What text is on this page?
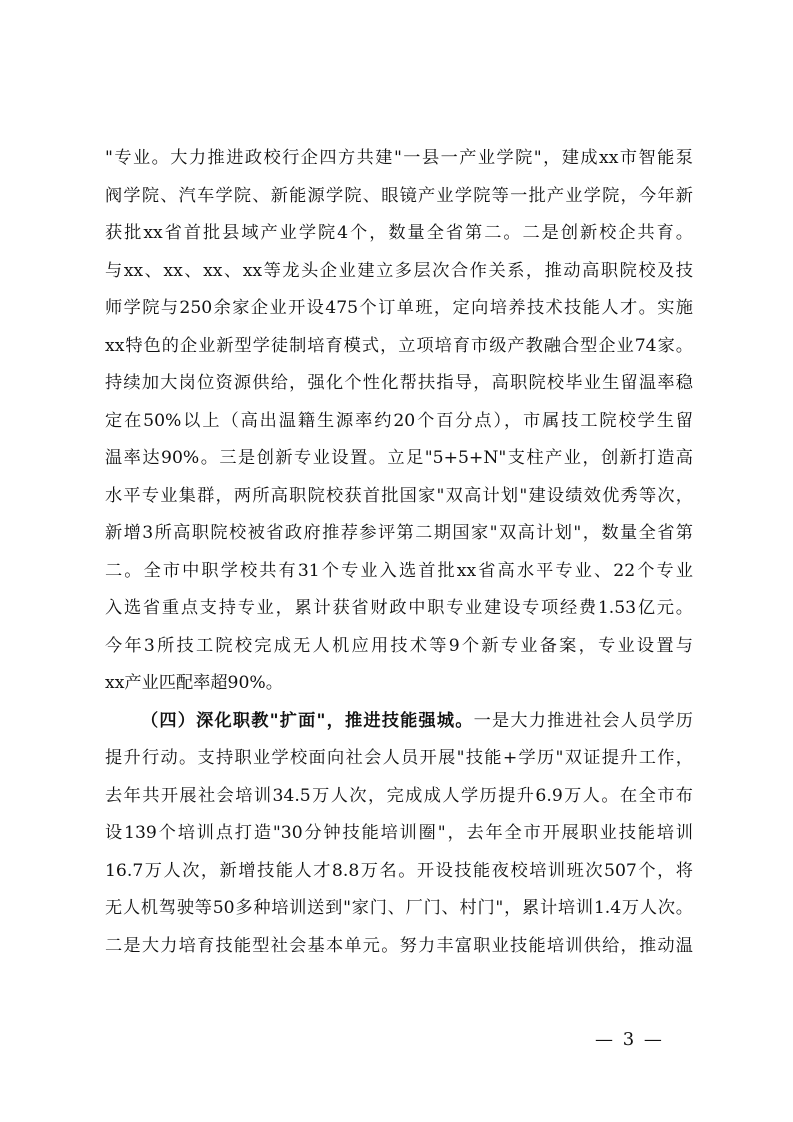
"专业。大力推进政校行企四方共建"一县一产业学院"，建成xx市智能泵
阀学院、汽车学院、新能源学院、眼镜产业学院等一批产业学院，今年新
获批xx省首批县域产业学院4个，数量全省第二。二是创新校企共育。
与xx、xx、xx、xx等龙头企业建立多层次合作关系，推动高职院校及技
师学院与250余家企业开设475个订单班，定向培养技术技能人才。实施
xx特色的企业新型学徒制培育模式，立项培育市级产教融合型企业74家。
持续加大岗位资源供给，强化个性化帮扶指导，高职院校毕业生留温率稳
定在50%以上（高出温籍生源率约20个百分点），市属技工院校学生留
温率达90%。三是创新专业设置。立足"5+5+N"支柱产业，创新打造高
水平专业集群，两所高职院校获首批国家"双高计划"建设绩效优秀等次，
新增3所高职院校被省政府推荐参评第二期国家"双高计划"，数量全省第
二。全市中职学校共有31个专业入选首批xx省高水平专业、22个专业
入选省重点支持专业，累计获省财政中职专业建设专项经费1.53亿元。
今年3所技工院校完成无人机应用技术等9个新专业备案，专业设置与
xx产业匹配率超90%。
（四）深化职教"扩面"，推进技能强城。一是大力推进社会人员学历
提升行动。支持职业学校面向社会人员开展"技能+学历"双证提升工作，
去年共开展社会培训34.5万人次，完成成人学历提升6.9万人。在全市布
设139个培训点打造"30分钟技能培训圈"，去年全市开展职业技能培训
16.7万人次，新增技能人才8.8万名。开设技能夜校培训班次507个，将
无人机驾驶等50多种培训送到"家门、厂门、村门"，累计培训1.4万人次。
二是大力培育技能型社会基本单元。努力丰富职业技能培训供给，推动温
— 3 —
